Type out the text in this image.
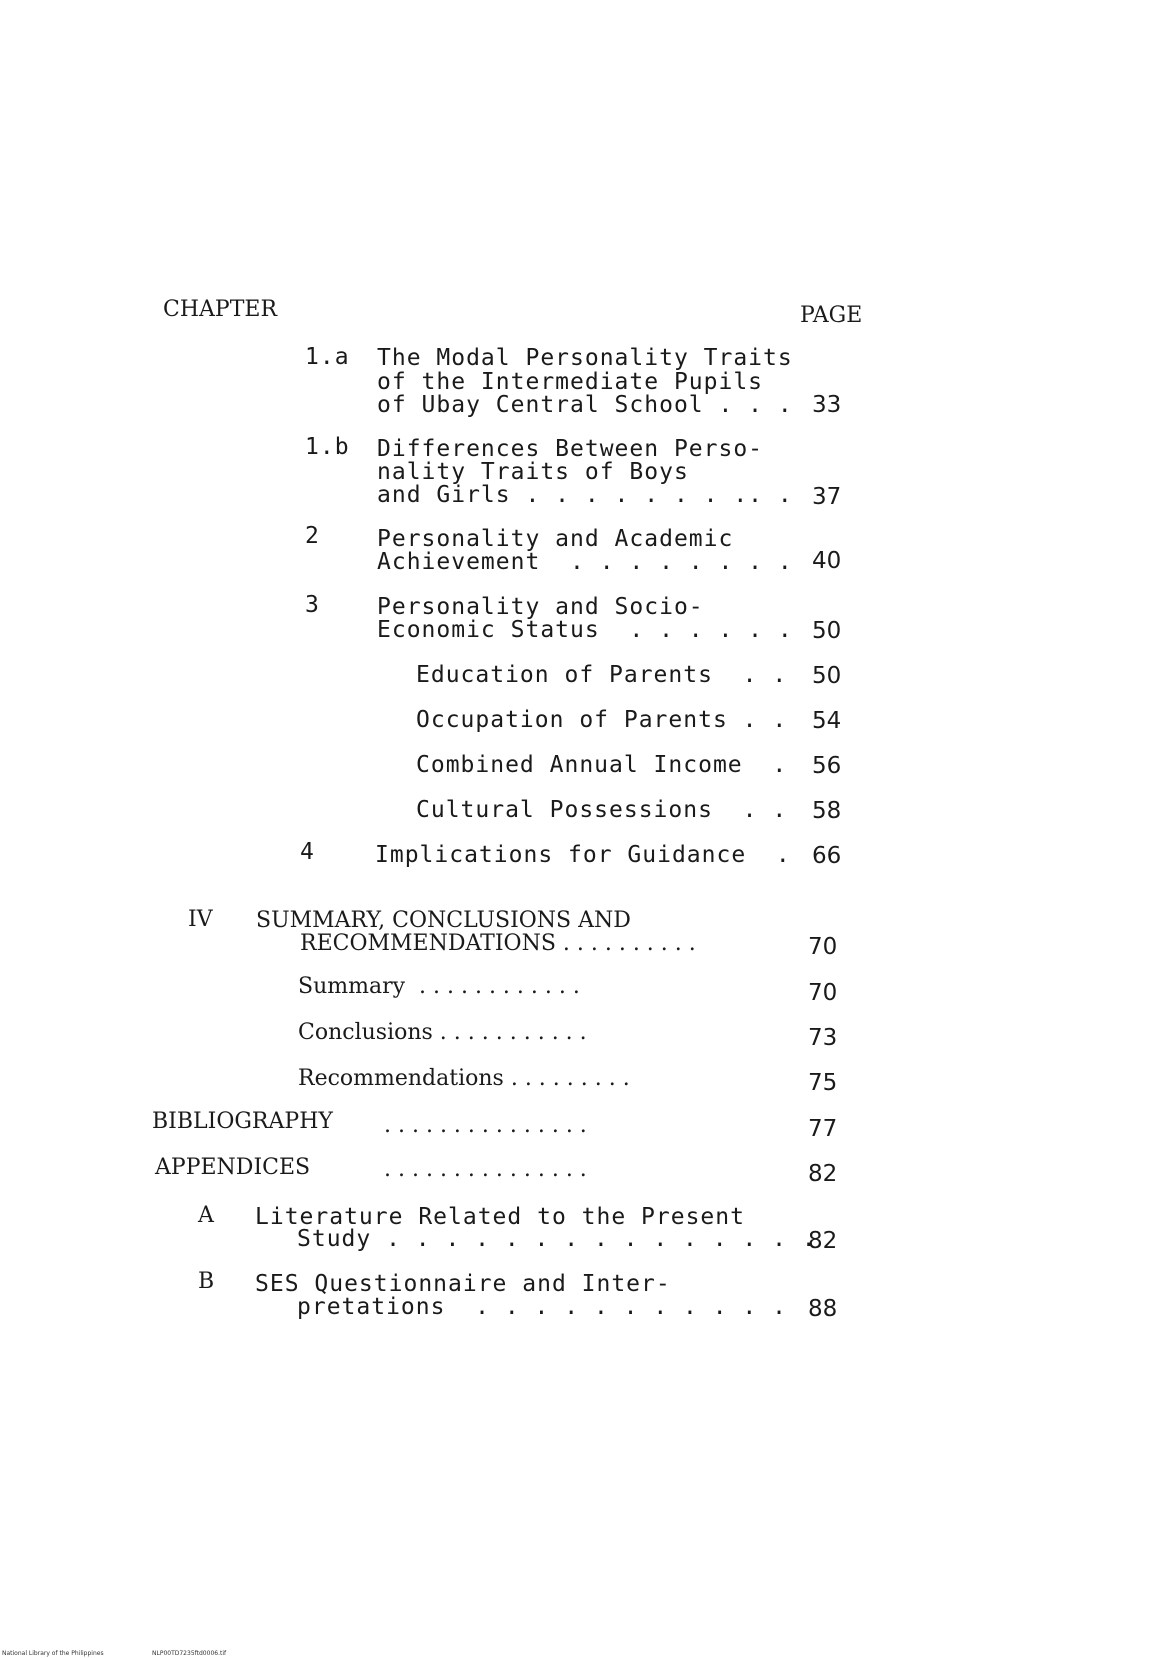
CHAPTER	PAGE
1.a The Modal Personality Traits
of the Intermediate Pupils
of Ubay Central School . . . 33
1.b Differences Between Perso-
nality Traits of Boys
and Girls . . . . . . . .. . 37
2 Personality and Academic
Achievement  . . . . . . . . 40
3 Personality and Socio-
Economic Status  . . . . . . 50
Education of Parents  . . 50
Occupation of Parents . . 54
Combined Annual Income  . 56
Cultural Possessions  . . 58
4	Implications for Guidance  . 66
IV SUMMARY, CONCLUSIONS AND
RECOMMENDATIONS . . . . . . . . . .	70
Summary  . . . . . . . . . . . .	70
Conclusions . . . . . . . . . . .	73
Recommendations . . . . . . . . .	75
BIBLIOGRAPHY . . . . . . . . . . . . . . .	77
APPENDICES	. . . . . . . . . . . . . . .	82
A Literature Related to the Present
Study . . . . . . . . . . . . . . .
82
B SES Questionnaire and Inter-
pretations  . . . . . . . . . . . 88
National Library of the Philippines	NLP00TD7235ftd0006.tif
